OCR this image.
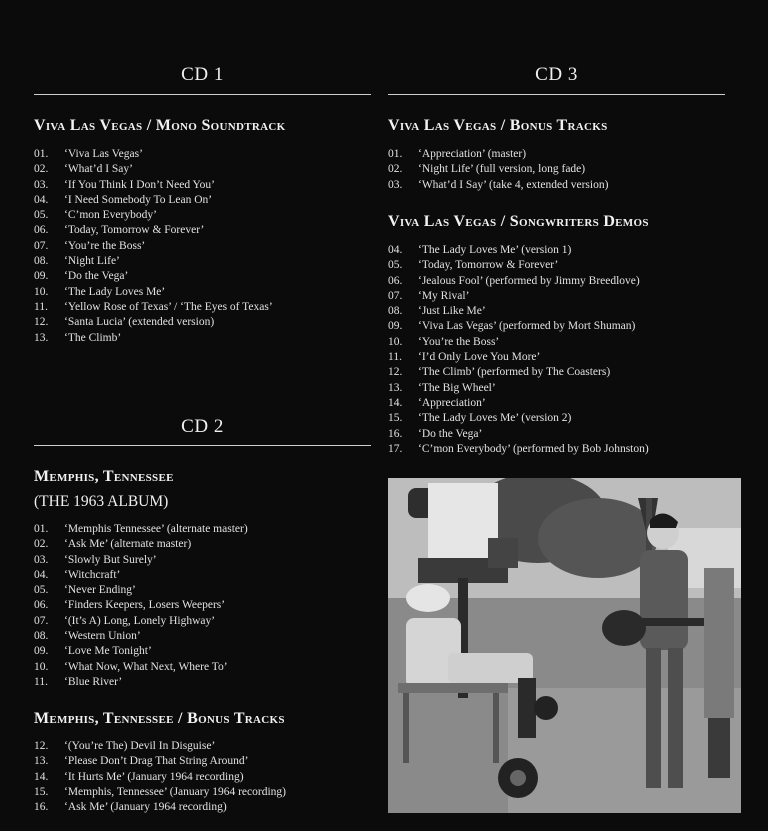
CD 1
Viva Las Vegas / Mono Soundtrack
01. ‘Viva Las Vegas’
02. ‘What’d I Say’
03. ‘If You Think I Don’t Need You’
04. ‘I Need Somebody To Lean On’
05. ‘C’mon Everybody’
06. ‘Today, Tomorrow & Forever’
07. ‘You’re the Boss’
08. ‘Night Life’
09. ‘Do the Vega’
10. ‘The Lady Loves Me’
11. ‘Yellow Rose of Texas’ / ‘The Eyes of Texas’
12. ‘Santa Lucia’ (extended version)
13. ‘The Climb’
CD 2
Memphis, Tennessee
(THE 1963 ALBUM)
01. ‘Memphis Tennessee’ (alternate master)
02. ‘Ask Me’ (alternate master)
03. ‘Slowly But Surely’
04. ‘Witchcraft’
05. ‘Never Ending’
06. ‘Finders Keepers, Losers Weepers’
07. ‘(It’s A) Long, Lonely Highway’
08. ‘Western Union’
09. ‘Love Me Tonight’
10. ‘What Now, What Next, Where To’
11. ‘Blue River’
Memphis, Tennessee / Bonus Tracks
12. ‘(You’re The) Devil In Disguise’
13. ‘Please Don’t Drag That String Around’
14. ‘It Hurts Me’ (January 1964 recording)
15. ‘Memphis, Tennessee’ (January 1964 recording)
16. ‘Ask Me’ (January 1964 recording)
CD 3
Viva Las Vegas / Bonus Tracks
01. ‘Appreciation’ (master)
02. ‘Night Life’ (full version, long fade)
03. ‘What’d I Say’ (take 4, extended version)
Viva Las Vegas / Songwriters Demos
04. ‘The Lady Loves Me’ (version 1)
05. ‘Today, Tomorrow & Forever’
06. ‘Jealous Fool’ (performed by Jimmy Breedlove)
07. ‘My Rival’
08. ‘Just Like Me’
09. ‘Viva Las Vegas’ (performed by Mort Shuman)
10. ‘You’re the Boss’
11. ‘I’d Only Love You More’
12. ‘The Climb’ (performed by The Coasters)
13. ‘The Big Wheel’
14. ‘Appreciation’
15. ‘The Lady Loves Me’ (version 2)
16. ‘Do the Vega’
17. ‘C’mon Everybody’ (performed by Bob Johnston)
